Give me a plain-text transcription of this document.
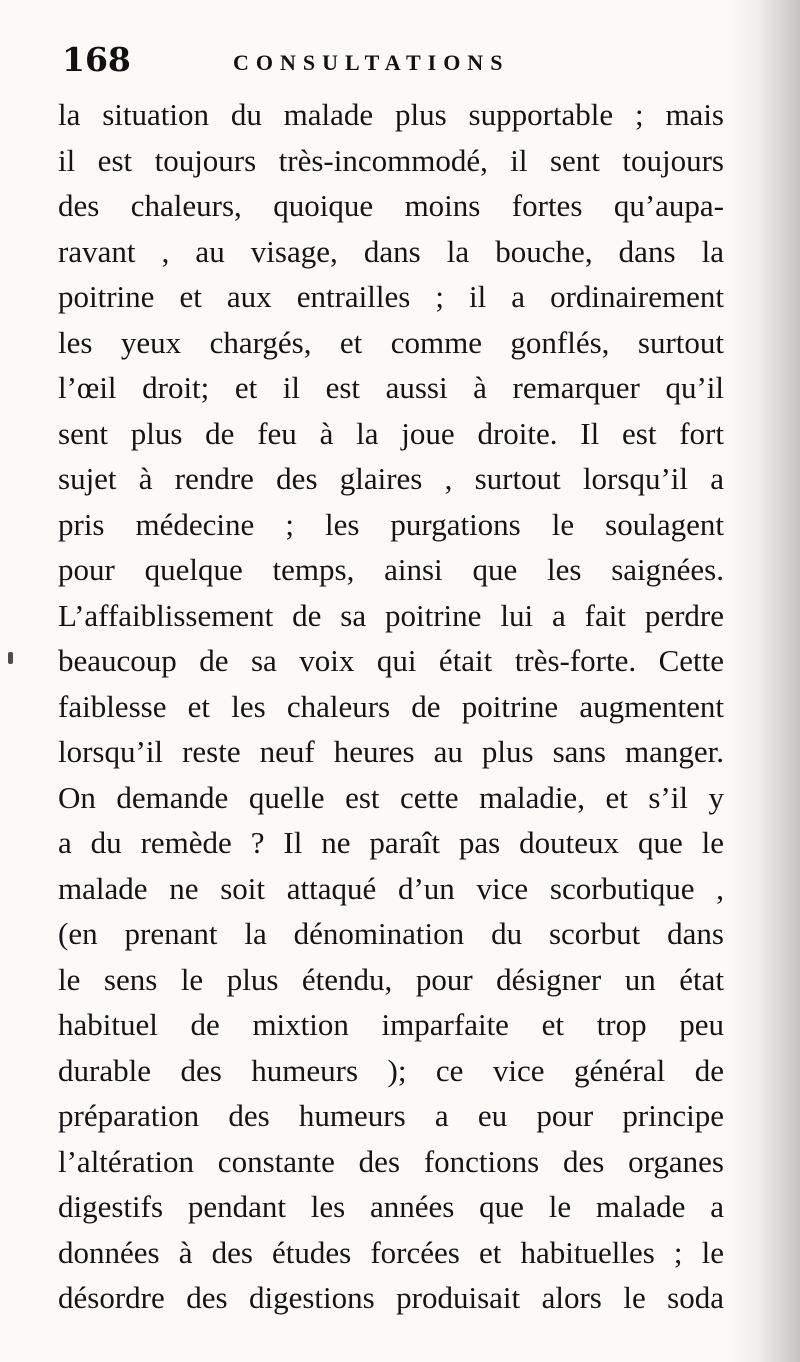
168	CONSULTATIONS
la situation du malade plus supportable ; mais
il est toujours très-incommodé, il sent toujours
des chaleurs, quoique moins fortes qu’aupa-
ravant , au visage, dans la bouche, dans la
poitrine et aux entrailles ; il a ordinairement
les yeux chargés, et comme gonflés, surtout
l’œil droit; et il est aussi à remarquer qu’il
sent plus de feu à la joue droite. Il est fort
sujet à rendre des glaires , surtout lorsqu’il a
pris médecine ; les purgations le soulagent
pour quelque temps, ainsi que les saignées.
L’affaiblissement de sa poitrine lui a fait perdre
beaucoup de sa voix qui était très-forte. Cette
faiblesse et les chaleurs de poitrine augmentent
lorsqu’il reste neuf heures au plus sans manger.
On demande quelle est cette maladie, et s’il y
a du remède ? Il ne paraît pas douteux que le
malade ne soit attaqué d’un vice scorbutique ,
(en prenant la dénomination du scorbut dans
le sens le plus étendu, pour désigner un état
habituel de mixtion imparfaite et trop peu
durable des humeurs ); ce vice général de
préparation des humeurs a eu pour principe
l’altération constante des fonctions des organes
digestifs pendant les années que le malade a
données à des études forcées et habituelles ; le
désordre des digestions produisait alors le soda
